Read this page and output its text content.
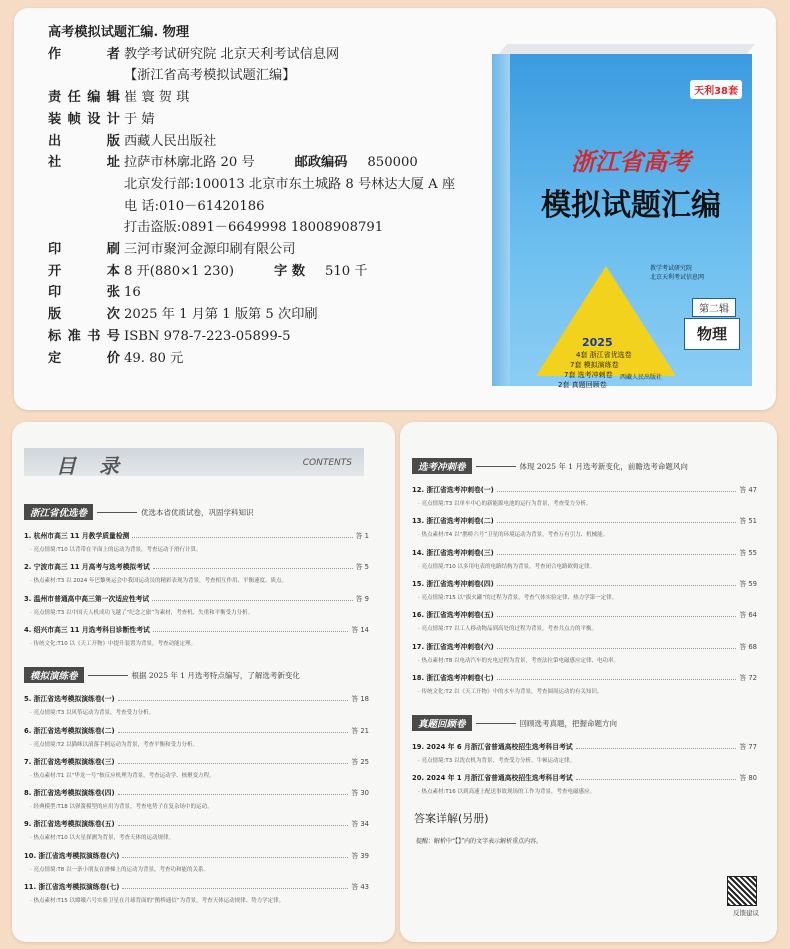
高考模拟试题汇编. 物理
作 者 教学考试研究院 北京天利考试信息网
【浙江省高考模拟试题汇编】
责任编辑 崔 寰 贺 琪
装帧设计 于 婧
出 版 西藏人民出版社
社 址 拉萨市林廓北路 20 号	邮政编码 850000
北京发行部:100013 北京市东土城路 8 号林达大厦 A 座
电 话:010－61420186
打击盗版:0891－6649998 18008908791
印 刷 三河市聚河金源印刷有限公司
开 本 8 开(880×1 230)	字 数 510 千
印 张 16
版 次 2025 年 1 月第 1 版第 5 次印刷
标准书号 ISBN 978-7-223-05899-5
定 价 49. 80 元
天利38套
浙江省高考
模拟试题汇编
2025
4套 浙江省优选卷
7套 模拟演练卷
7套 选考冲刺卷
2套 真题回顾卷
教学考试研究院
北京天利考试信息网
第二辑
物理
西藏人民出版社
目 录	CONTENTS
浙江省优选卷	优选本省优质试卷，巩固学科知识
1. 杭州市高三 11 月教学质量检测	答 1
· 亮点情境:T10 以背带在平面上的运动为背景，考查运动于滑行计算。
2. 宁波市高三 11 月高考与选考模拟考试	答 5
· 热点素材:T3 以 2024 年巴黎奥运会中我国运动员的精彩表现为背景，考查相互作用、平衡速度、质点。
3. 温州市普通高中高三第一次适应性考试	答 9
· 亮点情境:T3 以中国天人机成功飞越了“纪念之旅”为素材，考查机、失重和平衡受力分析。
4. 绍兴市高三 11 月选考科目诊断性考试	答 14
· 传统文化:T10 以《天工开物》中提升装置为背景，考查动能定理。
模拟演练卷	根据 2025 年 1 月选考特点编写，了解选考新变化
5. 浙江省选考模拟演练卷(一)	答 18
· 亮点情境:T3 以风筝运动为背景，考查受力分析。
6. 浙江省选考模拟演练卷(二)	答 21
· 亮点情境:T2 以猫咪以滚落手柄运动为背景，考查平衡和受力分析。
7. 浙江省选考模拟演练卷(三)	答 25
· 热点素材:T1 以“华龙一号”核反应机理为背景，考查运动学、核聚变方程。
8. 浙江省选考模拟演练卷(四)	答 30
· 经典模型:T18 以弹簧模型的应用为背景，考查电势子在复杂场中的运动。
9. 浙江省选考模拟演练卷(五)	答 34
· 热点素材:T10 以火星探测为背景，考查天体的运动规律。
10. 浙江省选考模拟演练卷(六)	答 39
· 亮点情境:T8 以一条小朋友在滑梯上的运动为背景，考查功和能的关系。
11. 浙江省选考模拟演练卷(七)	答 43
· 热点素材:T15 以嫦娥六号实验卫星在月球背面的“鹊桥通信”为背景，考查天体运动规律、势力学定律。
选考冲刺卷	体现 2025 年 1 月选考新变化，前瞻选考命题风向
12. 浙江省选考冲刺卷(一)	答 47
· 亮点情境:T3 以单车中心的新能源电池的运行为背景，考查受力分析。
13. 浙江省选考冲刺卷(二)	答 51
· 热点素材:T4 以“鹊桥六号”卫星的环境运动为背景，考查万有引力、机械能。
14. 浙江省选考冲刺卷(三)	答 55
· 亮点情境:T10 以多用电表的电路结构为背景，考查闭合电路欧姆定律。
15. 浙江省选考冲刺卷(四)	答 59
· 亮点情境:T15 以“拔火罐”的过程为背景，考查气体实验定律、热力学第一定律。
16. 浙江省选考冲刺卷(五)	答 64
· 亮点情境:T7 以工人移动物品到高处的过程为背景，考查共点力的平衡。
17. 浙江省选考冲刺卷(六)	答 68
· 热点素材:T8 以电动汽车的充电过程为背景，考查法拉第电磁感应定律、电功率。
18. 浙江省选考冲刺卷(七)	答 72
· 传统文化:T2 以《天工开物》中的水车为背景，考查圆周运动的有关知识。
真题回顾卷	回顾选考真题，把握命题方向
19. 2024 年 6 月浙江省普通高校招生选考科目考试	答 77
· 亮点情境:T3 以洗衣机为背景，考查受力分析、牛顿运动定律。
20. 2024 年 1 月浙江省普通高校招生选考科目考试	答 80
· 热点素材:T16 以到高速上配送事故现场的工作为背景，考查电磁感应。
答案详解(另册)
提醒：解析中“【】”内的文字表示解析重点内容。
反馈建议
